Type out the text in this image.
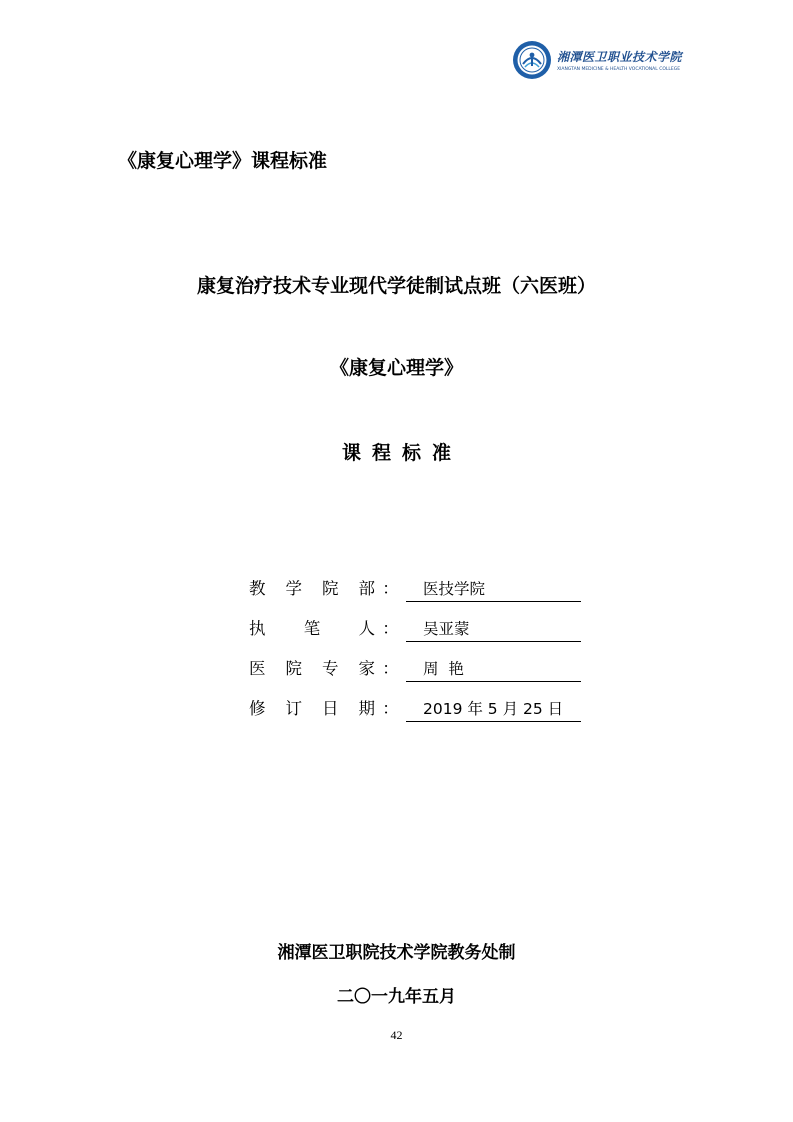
湘潭医卫职业技术学院
XIANGTAN MEDICINE & HEALTH VOCATIONAL COLLEGE
《康复心理学》课程标准
康复治疗技术专业现代学徒制试点班（六医班）
《康复心理学》
课程标准
教 学 院 部 ：	医技学院
执 笔 人 ：	吴亚蒙
医 院 专 家 ：	周  艳
修 订 日 期 ：	2019 年 5 月 25 日
湘潭医卫职院技术学院教务处制
二〇一九年五月
42
